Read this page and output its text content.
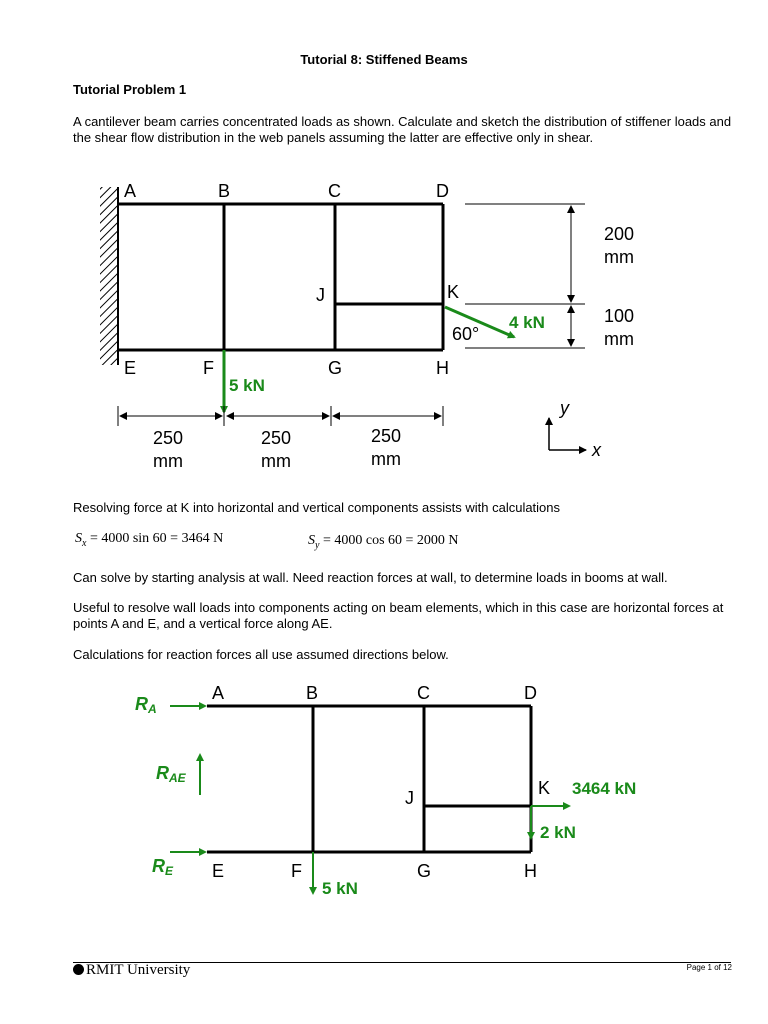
Tutorial 8: Stiffened Beams
Tutorial Problem 1
A cantilever beam carries concentrated loads as shown. Calculate and sketch the distribution of stiffener loads and the shear flow distribution in the web panels assuming the latter are effective only in shear.
A	B	C	D
E	F	G	H
J	K
4 kN
60°
5 kN
200
mm
100
mm
250
mm
250
mm
250
mm
y
x
Resolving force at K into horizontal and vertical components assists with calculations
$S_x = 4000$ sin 60 = 3464 N	$S_y = 4000$ cos 60 = 2000 N
Can solve by starting analysis at wall. Need reaction forces at wall, to determine loads in booms at wall.
Useful to resolve wall loads into components acting on beam elements, which in this case are horizontal forces at points A and E, and a vertical force along AE.
Calculations for reaction forces all use assumed directions below.
A	B	C	D
E	F	G	H
J	K
RA
RAE
RE
3464 kN
2 kN
5 kN
RMIT University	Page 1 of 12
